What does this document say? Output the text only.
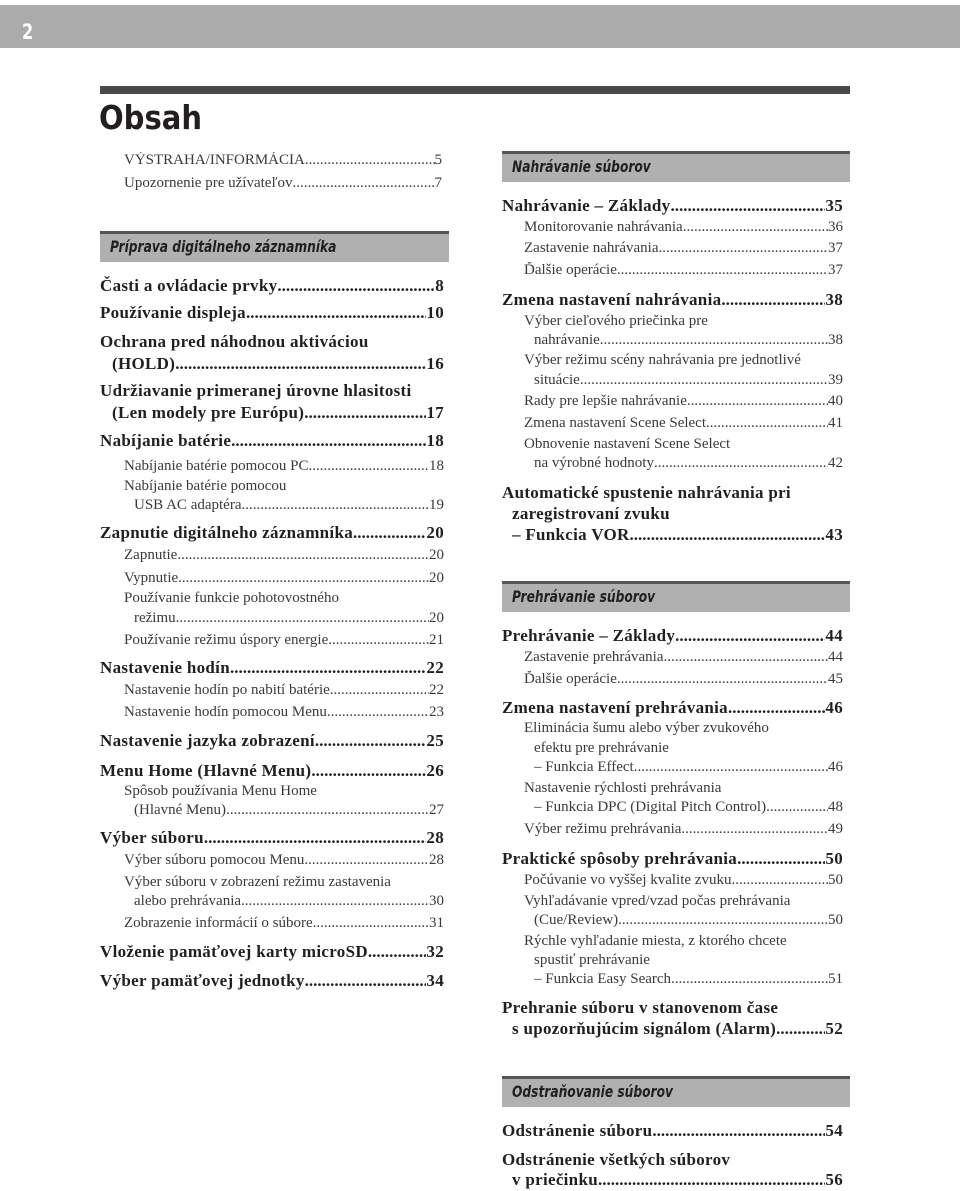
2
Obsah
VÝSTRAHA/INFORMÁCIA .....	5
Upozornenie pre užívateľov .....	7
Príprava digitálneho záznamníka
Časti a ovládacie prvky .....	8
Používanie displeja .....	10
Ochrana pred náhodnou aktiváciou
(HOLD) .....	16
Udržiavanie primeranej úrovne hlasitosti
(Len modely pre Európu) .....	17
Nabíjanie batérie .....	18
Nabíjanie batérie pomocou PC .....	18
Nabíjanie batérie pomocou
USB AC adaptéra .....	19
Zapnutie digitálneho záznamníka .....	20
Zapnutie .....	20
Vypnutie .....	20
Používanie funkcie pohotovostného
režimu .....	20
Používanie režimu úspory energie .....	21
Nastavenie hodín .....	22
Nastavenie hodín po nabití batérie .....	22
Nastavenie hodín pomocou Menu .....	23
Nastavenie jazyka zobrazení .....	25
Menu Home (Hlavné Menu) .....	26
Spôsob používania Menu Home
(Hlavné Menu) .....	27
Výber súboru .....	28
Výber súboru pomocou Menu .....	28
Výber súboru v zobrazení režimu zastavenia
alebo prehrávania .....	30
Zobrazenie informácií o súbore .....	31
Vloženie pamäťovej karty microSD .....	32
Výber pamäťovej jednotky .....	34
Nahrávanie súborov
Nahrávanie – Základy .....	35
Monitorovanie nahrávania .....	36
Zastavenie nahrávania .....	37
Ďalšie operácie .....	37
Zmena nastavení nahrávania .....	38
Výber cieľového priečinka pre
nahrávanie .....	38
Výber režimu scény nahrávania pre jednotlivé
situácie .....	39
Rady pre lepšie nahrávanie .....	40
Zmena nastavení Scene Select .....	41
Obnovenie nastavení Scene Select
na výrobné hodnoty .....	42
Automatické spustenie nahrávania pri
zaregistrovaní zvuku
– Funkcia VOR .....	43
Prehrávanie súborov
Prehrávanie – Základy .....	44
Zastavenie prehrávania .....	44
Ďalšie operácie .....	45
Zmena nastavení prehrávania .....	46
Eliminácia šumu alebo výber zvukového
efektu pre prehrávanie
– Funkcia Effect .....	46
Nastavenie rýchlosti prehrávania
– Funkcia DPC (Digital Pitch Control) .....	48
Výber režimu prehrávania .....	49
Praktické spôsoby prehrávania .....	50
Počúvanie vo vyššej kvalite zvuku .....	50
Vyhľadávanie vpred/vzad počas prehrávania
(Cue/Review) .....	50
Rýchle vyhľadanie miesta, z ktorého chcete
spustiť prehrávanie
– Funkcia Easy Search .....	51
Prehranie súboru v stanovenom čase
s upozorňujúcim signálom (Alarm) .....	52
Odstraňovanie súborov
Odstránenie súboru .....	54
Odstránenie všetkých súborov
v priečinku .....	56
